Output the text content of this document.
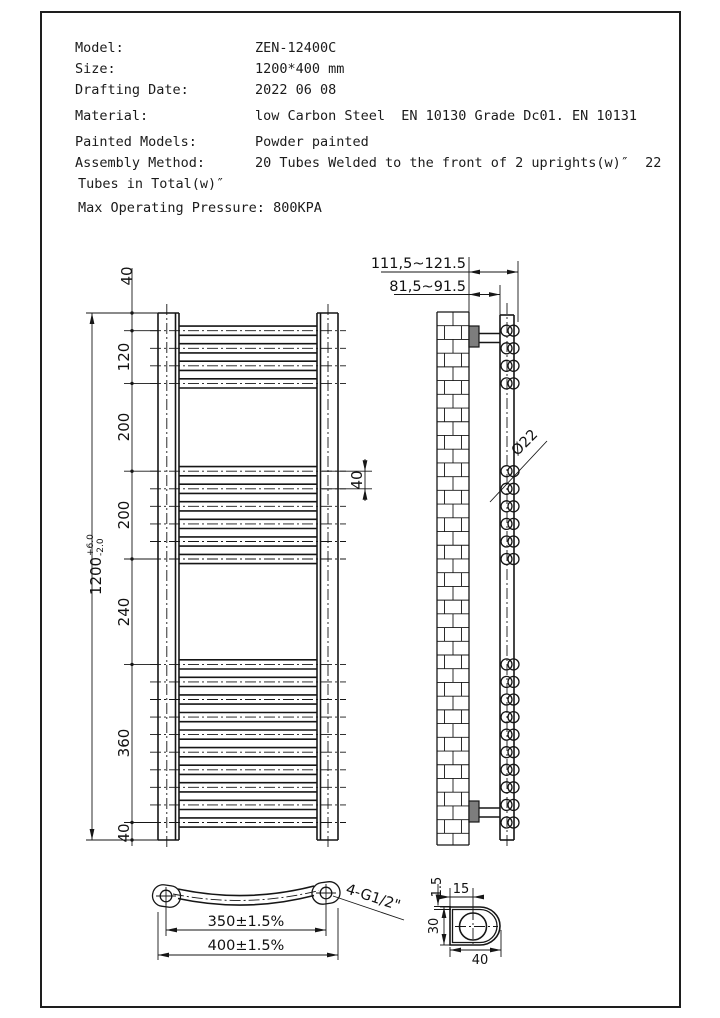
Model:	ZEN-12400C
Size:	1200*400 mm
Drafting Date:	2022 06 08
Material:	low Carbon Steel  EN 10130 Grade Dc01. EN 10131
Painted Models:	Powder painted
Assembly Method:	20 Tubes Welded to the front of 2 uprights(w)″  22
Tubes in Total(w)″
Max Operating Pressure: 800KPA
40
120
200
200
240
360
40
1200
+6.0 -2.0
40
111,5~121.5
81,5~91.5
Ø22
350±1.5%
400±1.5%
4-G1/2"	15
1.5
30
40
